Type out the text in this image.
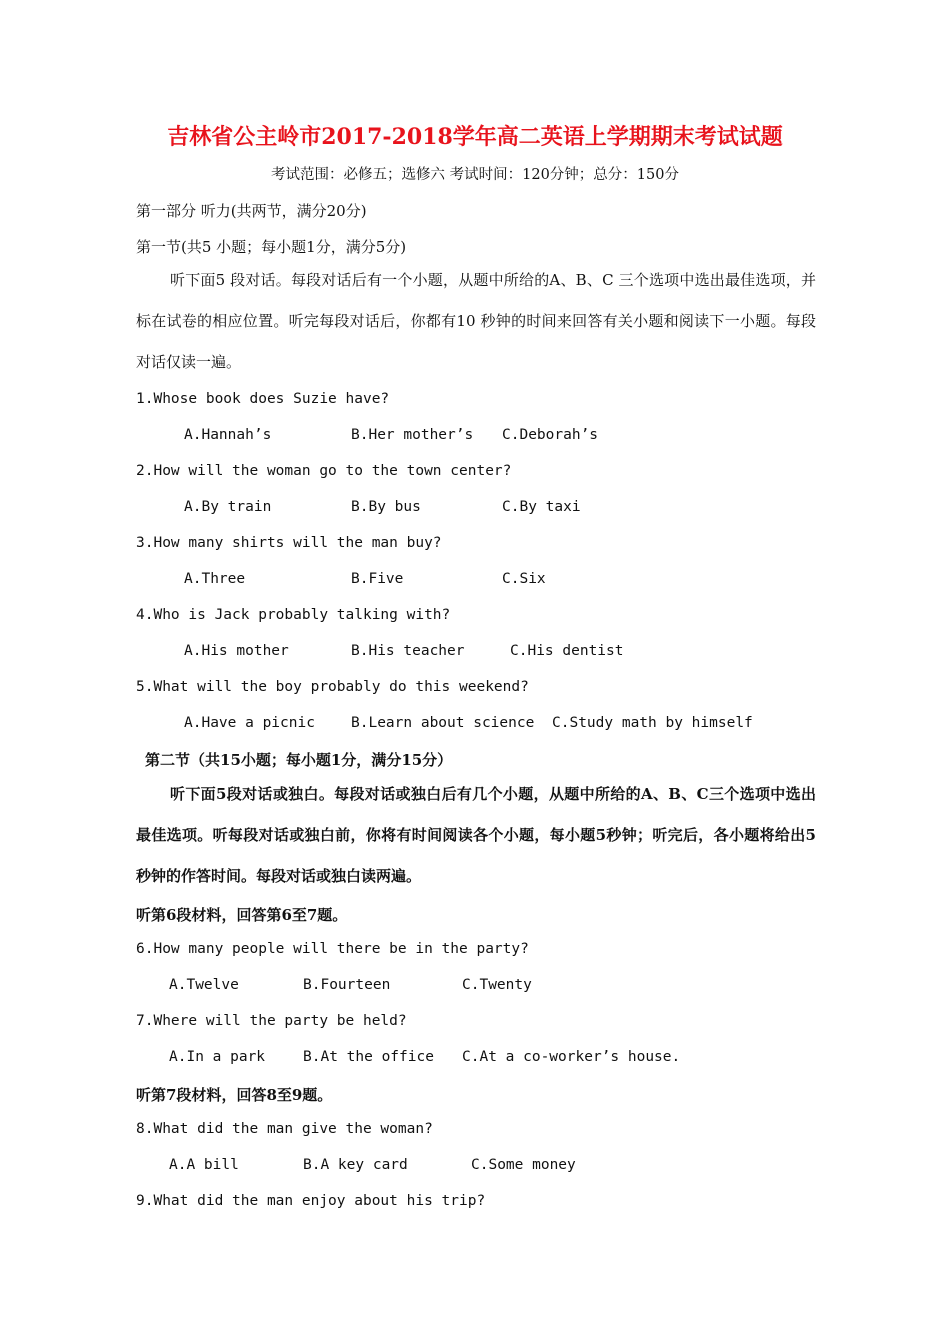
吉林省公主岭市2017-2018学年高二英语上学期期末考试试题
考试范围：必修五；选修六 考试时间：120分钟；总分：150分
第一部分 听力(共两节，满分20分)
第一节(共5 小题；每小题1分，满分5分)
听下面5 段对话。每段对话后有一个小题，从题中所给的A、B、C 三个选项中选出最佳选项，并标在试卷的相应位置。听完每段对话后，你都有10 秒钟的时间来回答有关小题和阅读下一小题。每段对话仅读一遍。
1.Whose book does Suzie have?
A.Hannah’s	B.Her mother’s C.Deborah’s
2.How will the woman go to the town center?
A.By train	B.By bus	C.By taxi
3.How many shirts will the man buy?
A.Three	B.Five	C.Six
4.Who is Jack probably talking with?
A.His mother	B.His teacher	C.His dentist
5.What will the boy probably do this weekend?
A.Have a picnic B.Learn about science C.Study math by himself
第二节（共15小题；每小题1分，满分15分）
听下面5段对话或独白。每段对话或独白后有几个小题，从题中所给的A、B、C三个选项中选出最佳选项。听每段对话或独白前，你将有时间阅读各个小题，每小题5秒钟；听完后，各小题将给出5秒钟的作答时间。每段对话或独白读两遍。
听第6段材料，回答第6至7题。
6.How many people will there be in the party?
A.Twelve	B.Fourteen	C.Twenty
7.Where will the party be held?
A.In a park	B.At the office C.At a co-worker’s house.
听第7段材料，回答8至9题。
8.What did the man give the woman?
A.A bill	B.A key card	C.Some money
9.What did the man enjoy about his trip?
